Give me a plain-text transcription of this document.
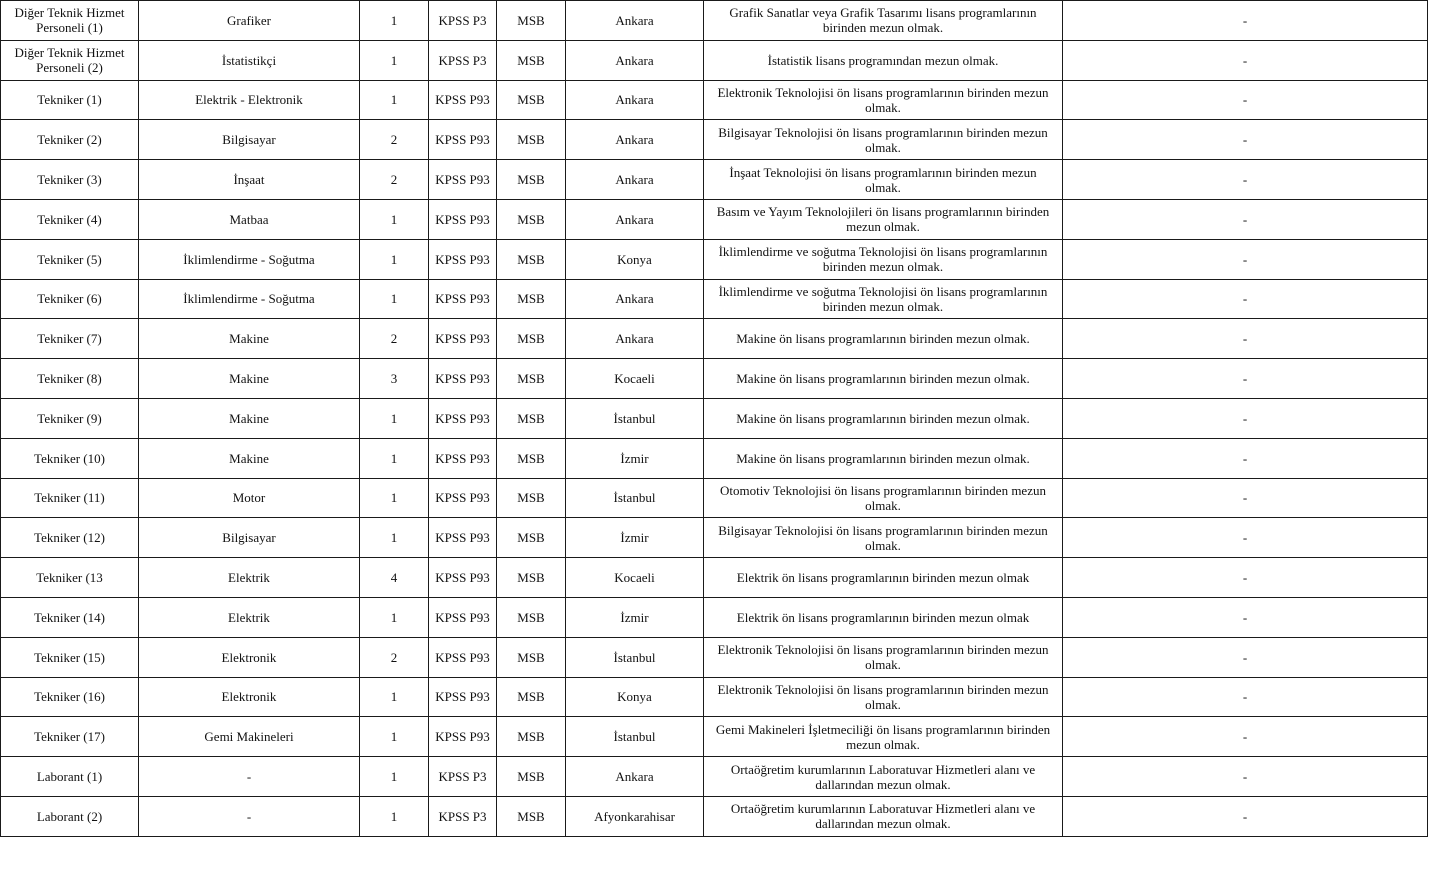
Diğer Teknik Hizmet Personeli (1)	Grafiker	1	KPSS P3	MSB	Ankara	Grafik Sanatlar veya Grafik Tasarımı lisans programlarının birinden mezun olmak.	-
Diğer Teknik Hizmet Personeli (2)	İstatistikçi	1	KPSS P3	MSB	Ankara	İstatistik lisans programından mezun olmak.	-
Tekniker (1)	Elektrik - Elektronik	1	KPSS P93	MSB	Ankara	Elektronik Teknolojisi ön lisans programlarının birinden mezun olmak.	-
Tekniker (2)	Bilgisayar	2	KPSS P93	MSB	Ankara	Bilgisayar Teknolojisi ön lisans programlarının birinden mezun olmak.	-
Tekniker (3)	İnşaat	2	KPSS P93	MSB	Ankara	İnşaat Teknolojisi ön lisans programlarının birinden mezun olmak.	-
Tekniker (4)	Matbaa	1	KPSS P93	MSB	Ankara	Basım ve Yayım Teknolojileri ön lisans programlarının birinden mezun olmak.	-
Tekniker (5)	İklimlendirme - Soğutma	1	KPSS P93	MSB	Konya	İklimlendirme ve soğutma Teknolojisi ön lisans programlarının birinden mezun olmak.	-
Tekniker (6)	İklimlendirme - Soğutma	1	KPSS P93	MSB	Ankara	İklimlendirme ve soğutma Teknolojisi ön lisans programlarının birinden mezun olmak.	-
Tekniker (7)	Makine	2	KPSS P93	MSB	Ankara	Makine ön lisans programlarının birinden mezun olmak.	-
Tekniker (8)	Makine	3	KPSS P93	MSB	Kocaeli	Makine ön lisans programlarının birinden mezun olmak.	-
Tekniker (9)	Makine	1	KPSS P93	MSB	İstanbul	Makine ön lisans programlarının birinden mezun olmak.	-
Tekniker (10)	Makine	1	KPSS P93	MSB	İzmir	Makine ön lisans programlarının birinden mezun olmak.	-
Tekniker (11)	Motor	1	KPSS P93	MSB	İstanbul	Otomotiv Teknolojisi ön lisans programlarının birinden mezun olmak.	-
Tekniker (12)	Bilgisayar	1	KPSS P93	MSB	İzmir	Bilgisayar Teknolojisi ön lisans programlarının birinden mezun olmak.	-
Tekniker (13	Elektrik	4	KPSS P93	MSB	Kocaeli	Elektrik ön lisans programlarının birinden mezun olmak	-
Tekniker (14)	Elektrik	1	KPSS P93	MSB	İzmir	Elektrik ön lisans programlarının birinden mezun olmak	-
Tekniker (15)	Elektronik	2	KPSS P93	MSB	İstanbul	Elektronik Teknolojisi ön lisans programlarının birinden mezun olmak.	-
Tekniker (16)	Elektronik	1	KPSS P93	MSB	Konya	Elektronik Teknolojisi ön lisans programlarının birinden mezun olmak.	-
Tekniker (17)	Gemi Makineleri	1	KPSS P93	MSB	İstanbul	Gemi Makineleri İşletmeciliği ön lisans programlarının birinden mezun olmak.	-
Laborant (1)	-	1	KPSS P3	MSB	Ankara	Ortaöğretim kurumlarının Laboratuvar Hizmetleri alanı ve dallarından mezun olmak.	-
Laborant (2)	-	1	KPSS P3	MSB	Afyonkarahisar	Ortaöğretim kurumlarının Laboratuvar Hizmetleri alanı ve dallarından mezun olmak.	-
